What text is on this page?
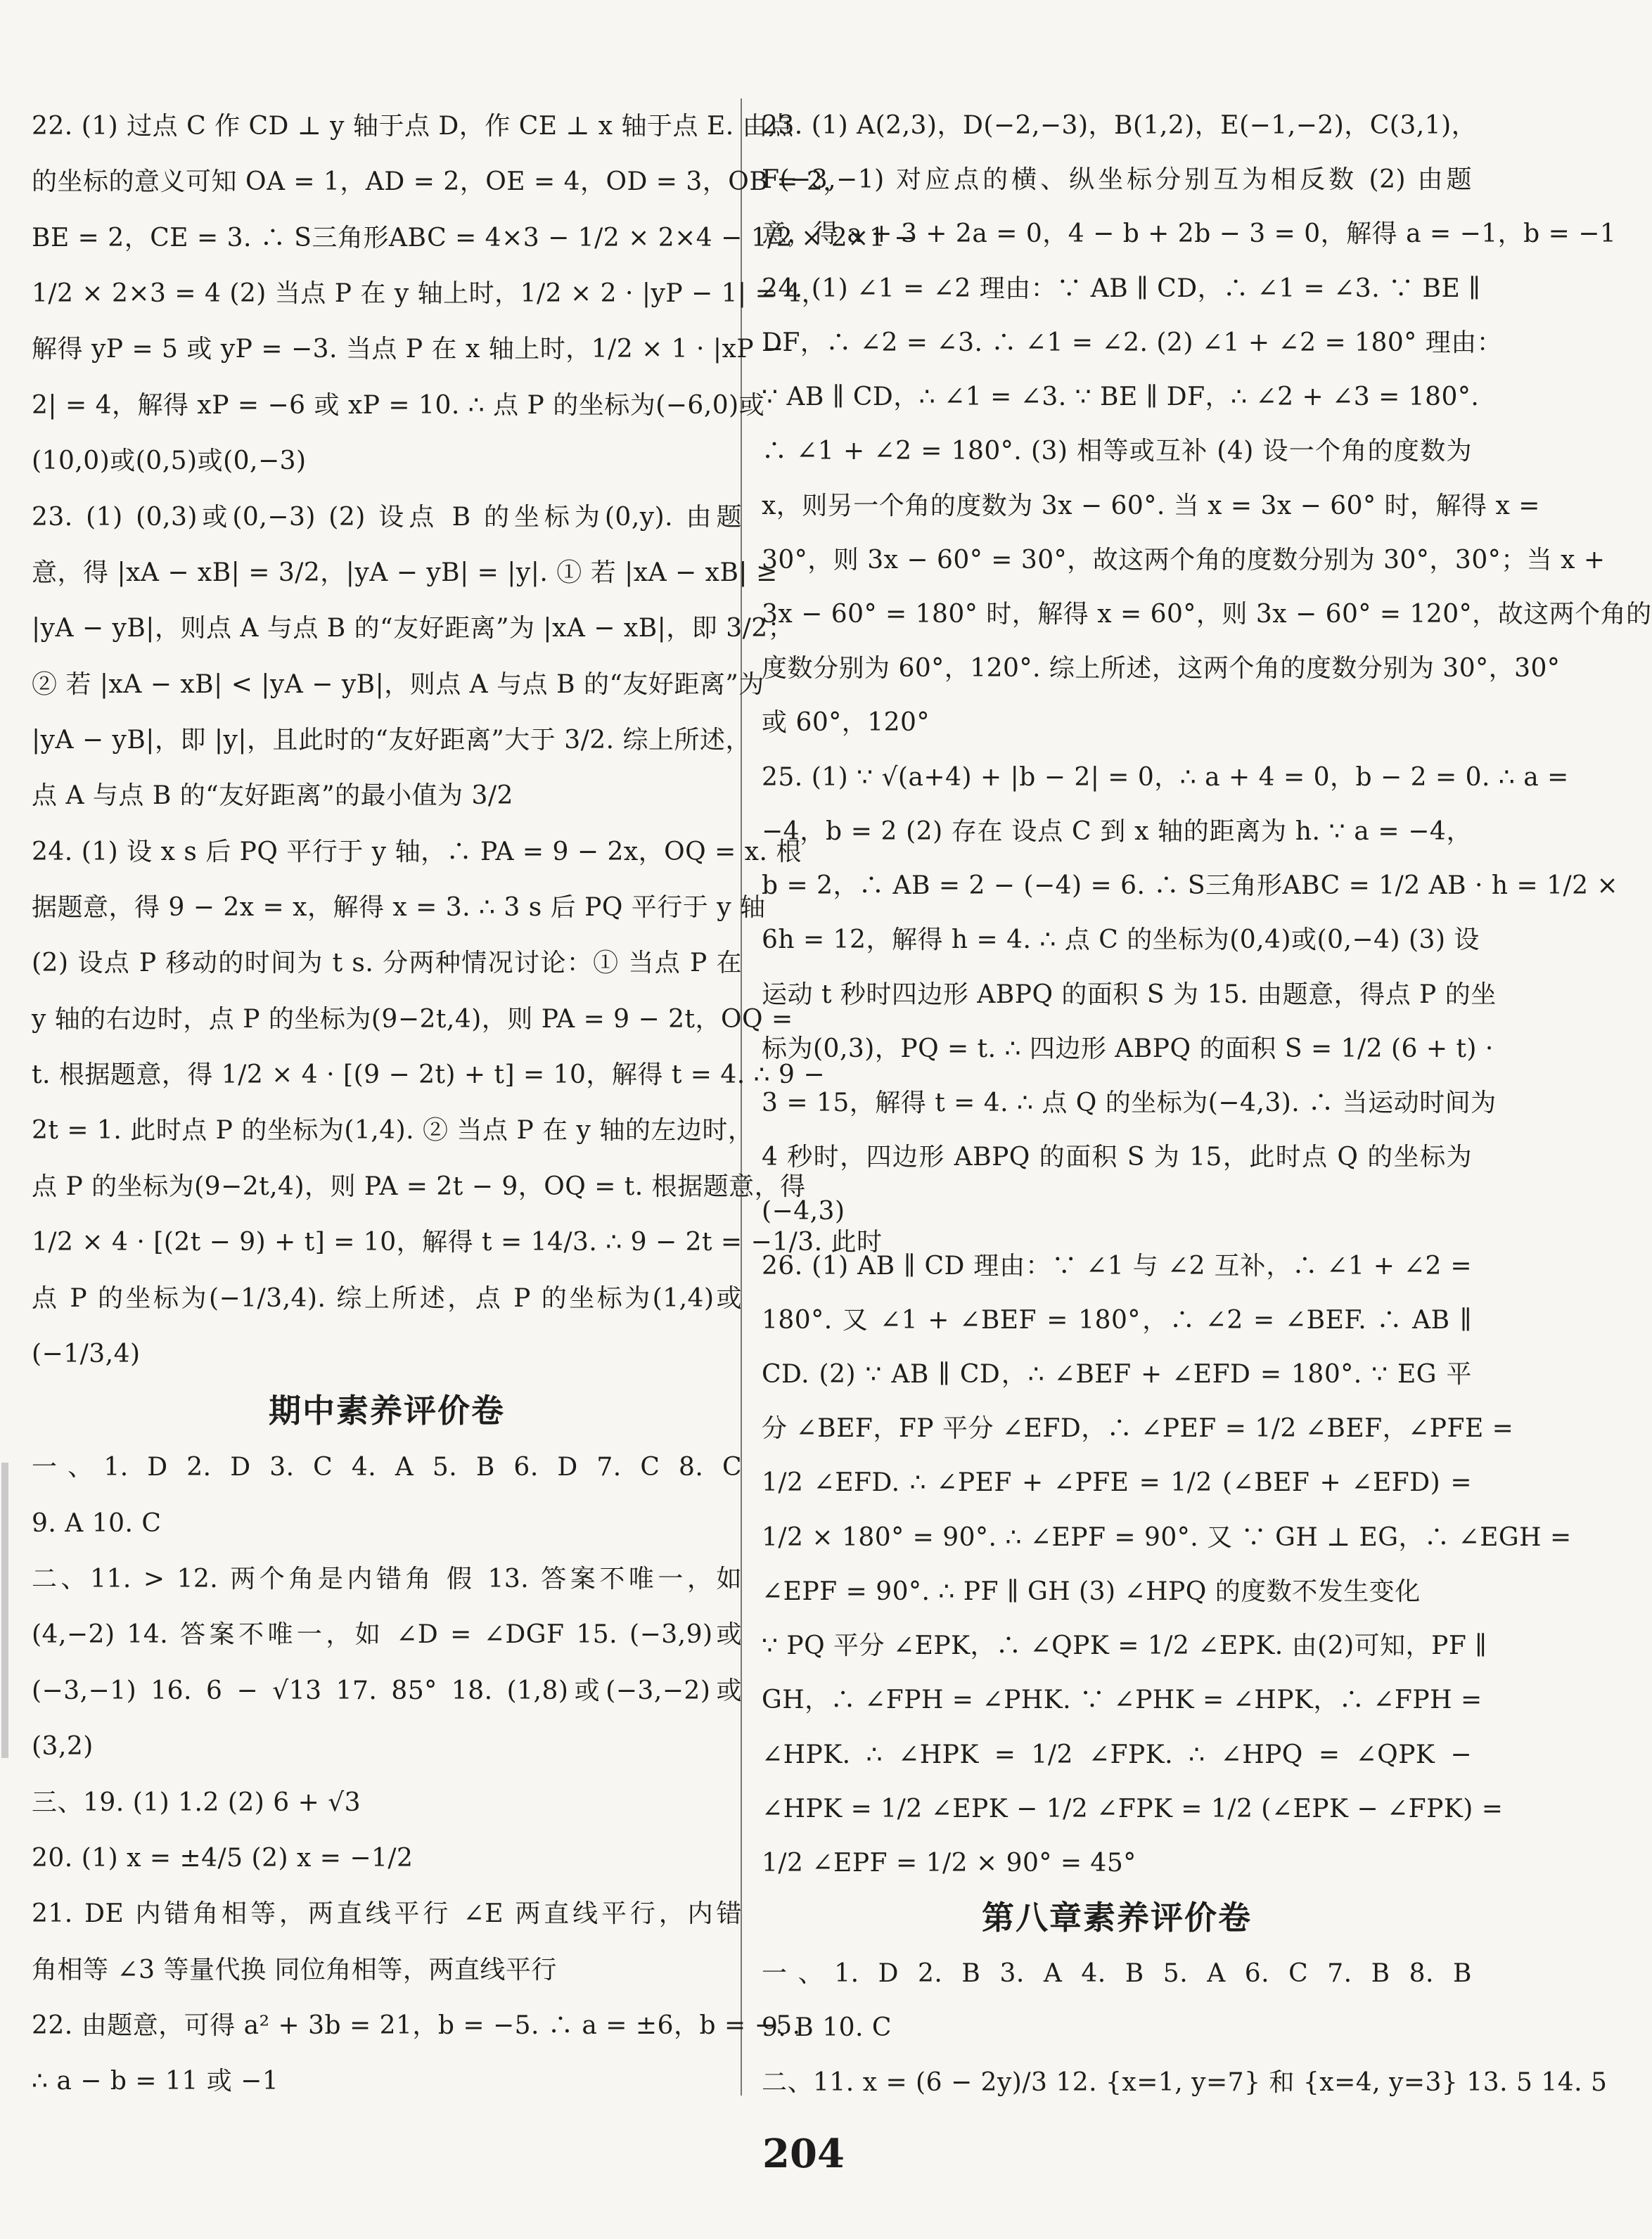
22. (1) 过点 C 作 CD ⊥ y 轴于点 D，作 CE ⊥ x 轴于点 E. 由点
的坐标的意义可知 OA = 1，AD = 2，OE = 4，OD = 3，OB = 2，
BE = 2，CE = 3. ∴ S三角形ABC = 4×3 − 1/2 × 2×4 − 1/2 × 2×1 −
1/2 × 2×3 = 4 (2) 当点 P 在 y 轴上时，1/2 × 2 · |yP − 1| = 4，
解得 yP = 5 或 yP = −3. 当点 P 在 x 轴上时，1/2 × 1 · |xP −
2| = 4，解得 xP = −6 或 xP = 10. ∴ 点 P 的坐标为(−6,0)或
(10,0)或(0,5)或(0,−3)
23. (1) (0,3)或(0,−3) (2) 设点 B 的坐标为(0,y). 由题
意，得 |xA − xB| = 3/2，|yA − yB| = |y|. ① 若 |xA − xB| ≥
|yA − yB|，则点 A 与点 B 的“友好距离”为 |xA − xB|，即 3/2；
② 若 |xA − xB| < |yA − yB|，则点 A 与点 B 的“友好距离”为
|yA − yB|，即 |y|，且此时的“友好距离”大于 3/2. 综上所述，
点 A 与点 B 的“友好距离”的最小值为 3/2
24. (1) 设 x s 后 PQ 平行于 y 轴，∴ PA = 9 − 2x，OQ = x. 根
据题意，得 9 − 2x = x，解得 x = 3. ∴ 3 s 后 PQ 平行于 y 轴
(2) 设点 P 移动的时间为 t s. 分两种情况讨论：① 当点 P 在
y 轴的右边时，点 P 的坐标为(9−2t,4)，则 PA = 9 − 2t，OQ =
t. 根据题意，得 1/2 × 4 · [(9 − 2t) + t] = 10，解得 t = 4. ∴ 9 −
2t = 1. 此时点 P 的坐标为(1,4). ② 当点 P 在 y 轴的左边时，
点 P 的坐标为(9−2t,4)，则 PA = 2t − 9，OQ = t. 根据题意，得
1/2 × 4 · [(2t − 9) + t] = 10，解得 t = 14/3. ∴ 9 − 2t = −1/3. 此时
点 P 的坐标为(−1/3,4). 综上所述，点 P 的坐标为(1,4)或
(−1/3,4)
期中素养评价卷
一、1. D 2. D 3. C 4. A 5. B 6. D 7. C 8. C
9. A 10. C
二、11. > 12. 两个角是内错角 假 13. 答案不唯一，如
(4,−2) 14. 答案不唯一，如 ∠D = ∠DGF 15. (−3,9)或
(−3,−1) 16. 6 − √13 17. 85° 18. (1,8)或(−3,−2)或
(3,2)
三、19. (1) 1.2 (2) 6 + √3
20. (1) x = ±4/5 (2) x = −1/2
21. DE 内错角相等，两直线平行 ∠E 两直线平行，内错
角相等 ∠3 等量代换 同位角相等，两直线平行
22. 由题意，可得 a² + 3b = 21，b = −5. ∴ a = ±6，b = −5.
∴ a − b = 11 或 −1
23. (1) A(2,3)，D(−2,−3)，B(1,2)，E(−1,−2)，C(3,1)，
F(−3,−1) 对应点的横、纵坐标分别互为相反数 (2) 由题
意，得 a + 3 + 2a = 0，4 − b + 2b − 3 = 0，解得 a = −1，b = −1
24. (1) ∠1 = ∠2 理由：∵ AB ∥ CD，∴ ∠1 = ∠3. ∵ BE ∥
DF，∴ ∠2 = ∠3. ∴ ∠1 = ∠2. (2) ∠1 + ∠2 = 180° 理由：
∵ AB ∥ CD，∴ ∠1 = ∠3. ∵ BE ∥ DF，∴ ∠2 + ∠3 = 180°.
∴ ∠1 + ∠2 = 180°. (3) 相等或互补 (4) 设一个角的度数为
x，则另一个角的度数为 3x − 60°. 当 x = 3x − 60° 时，解得 x =
30°，则 3x − 60° = 30°，故这两个角的度数分别为 30°，30°；当 x +
3x − 60° = 180° 时，解得 x = 60°，则 3x − 60° = 120°，故这两个角的
度数分别为 60°，120°. 综上所述，这两个角的度数分别为 30°，30°
或 60°，120°
25. (1) ∵ √(a+4) + |b − 2| = 0，∴ a + 4 = 0，b − 2 = 0. ∴ a =
−4，b = 2 (2) 存在 设点 C 到 x 轴的距离为 h. ∵ a = −4，
b = 2，∴ AB = 2 − (−4) = 6. ∴ S三角形ABC = 1/2 AB · h = 1/2 ×
6h = 12，解得 h = 4. ∴ 点 C 的坐标为(0,4)或(0,−4) (3) 设
运动 t 秒时四边形 ABPQ 的面积 S 为 15. 由题意，得点 P 的坐
标为(0,3)，PQ = t. ∴ 四边形 ABPQ 的面积 S = 1/2 (6 + t) ·
3 = 15，解得 t = 4. ∴ 点 Q 的坐标为(−4,3). ∴ 当运动时间为
4 秒时，四边形 ABPQ 的面积 S 为 15，此时点 Q 的坐标为
(−4,3)
26. (1) AB ∥ CD 理由：∵ ∠1 与 ∠2 互补，∴ ∠1 + ∠2 =
180°. 又 ∠1 + ∠BEF = 180°，∴ ∠2 = ∠BEF. ∴ AB ∥
CD. (2) ∵ AB ∥ CD，∴ ∠BEF + ∠EFD = 180°. ∵ EG 平
分 ∠BEF，FP 平分 ∠EFD，∴ ∠PEF = 1/2 ∠BEF，∠PFE =
1/2 ∠EFD. ∴ ∠PEF + ∠PFE = 1/2 (∠BEF + ∠EFD) =
1/2 × 180° = 90°. ∴ ∠EPF = 90°. 又 ∵ GH ⊥ EG，∴ ∠EGH =
∠EPF = 90°. ∴ PF ∥ GH (3) ∠HPQ 的度数不发生变化
∵ PQ 平分 ∠EPK，∴ ∠QPK = 1/2 ∠EPK. 由(2)可知，PF ∥
GH，∴ ∠FPH = ∠PHK. ∵ ∠PHK = ∠HPK，∴ ∠FPH =
∠HPK. ∴ ∠HPK = 1/2 ∠FPK. ∴ ∠HPQ = ∠QPK −
∠HPK = 1/2 ∠EPK − 1/2 ∠FPK = 1/2 (∠EPK − ∠FPK) =
1/2 ∠EPF = 1/2 × 90° = 45°
第八章素养评价卷
一、1. D 2. B 3. A 4. B 5. A 6. C 7. B 8. B
9. B 10. C
二、11. x = (6 − 2y)/3 12. {x=1, y=7} 和 {x=4, y=3} 13. 5 14. 5
204
